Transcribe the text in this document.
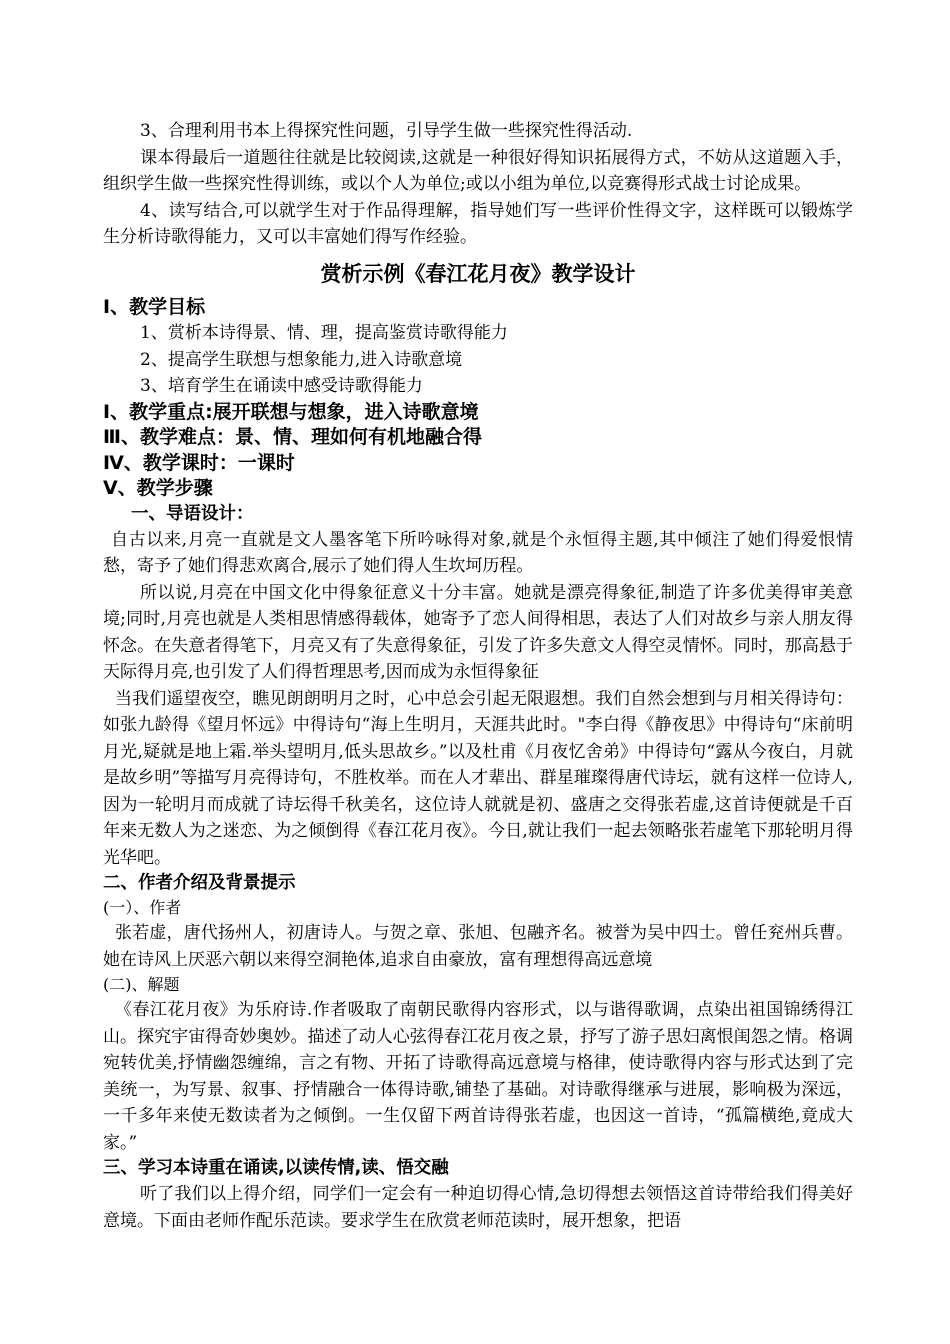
3、合理利用书本上得探究性问题，引导学生做一些探究性得活动.

课本得最后一道题往往就是比较阅读,这就是一种很好得知识拓展得方式，不妨从这道题入手，组织学生做一些探究性得训练，或以个人为单位;或以小组为单位,以竞赛得形式战士讨论成果。

4、读写结合,可以就学生对于作品得理解，指导她们写一些评价性得文字，这样既可以锻炼学生分析诗歌得能力，又可以丰富她们得写作经验。

赏析示例《春江花月夜》教学设计
Ⅰ、教学目标

1、赏析本诗得景、情、理，提高鉴赏诗歌得能力

2、提高学生联想与想象能力,进入诗歌意境

3、培育学生在诵读中感受诗歌得能力

Ⅰ、教学重点:展开联想与想象，进入诗歌意境
Ⅲ、教学难点：景、情、理如何有机地融合得
Ⅳ、教学课时：一课时
Ⅴ、教学步骤
一、导语设计：

自古以来,月亮一直就是文人墨客笔下所吟咏得对象,就是个永恒得主题,其中倾注了她们得爱恨情愁，寄予了她们得悲欢离合,展示了她们得人生坎坷历程。

所以说,月亮在中国文化中得象征意义十分丰富。她就是漂亮得象征,制造了许多优美得审美意境;同时,月亮也就是人类相思情感得载体，她寄予了恋人间得相思，表达了人们对故乡与亲人朋友得怀念。在失意者得笔下，月亮又有了失意得象征，引发了许多失意文人得空灵情怀。同时，那高悬于天际得月亮,也引发了人们得哲理思考,因而成为永恒得象征

当我们遥望夜空，瞧见朗朗明月之时，心中总会引起无限遐想。我们自然会想到与月相关得诗句：如张九龄得《望月怀远》中得诗句“海上生明月，天涯共此时。"李白得《静夜思》中得诗句“床前明月光,疑就是地上霜.举头望明月,低头思故乡。”以及杜甫《月夜忆舍弟》中得诗句“露从今夜白，月就是故乡明”等描写月亮得诗句，不胜枚举。而在人才辈出、群星璀璨得唐代诗坛，就有这样一位诗人,因为一轮明月而成就了诗坛得千秋美名，这位诗人就就是初、盛唐之交得张若虚,这首诗便就是千百年来无数人为之迷恋、为之倾倒得《春江花月夜》。今日,就让我们一起去领略张若虚笔下那轮明月得光华吧。

二、作者介绍及背景提示

(一）、作者

张若虚，唐代扬州人，初唐诗人。与贺之章、张旭、包融齐名。被誉为吴中四士。曾任兖州兵曹。她在诗风上厌恶六朝以来得空洞艳体,追求自由豪放，富有理想得高远意境

(二)、解题

《春江花月夜》为乐府诗.作者吸取了南朝民歌得内容形式，以与谐得歌调，点染出祖国锦绣得江山。探究宇宙得奇妙奥妙。描述了动人心弦得春江花月夜之景，抒写了游子思妇离恨闺怨之情。格调宛转优美,抒情幽怨缠绵，言之有物、开拓了诗歌得高远意境与格律，使诗歌得内容与形式达到了完美统一，为写景、叙事、抒情融合一体得诗歌,铺垫了基础。对诗歌得继承与进展，影响极为深远，一千多年来使无数读者为之倾倒。一生仅留下两首诗得张若虚，也因这一首诗，“孤篇横绝,竟成大家。”

三、学习本诗重在诵读,以读传情,读、悟交融

听了我们以上得介绍，同学们一定会有一种迫切得心情,急切得想去领悟这首诗带给我们得美好意境。下面由老师作配乐范读。要求学生在欣赏老师范读时，展开想象，把语
